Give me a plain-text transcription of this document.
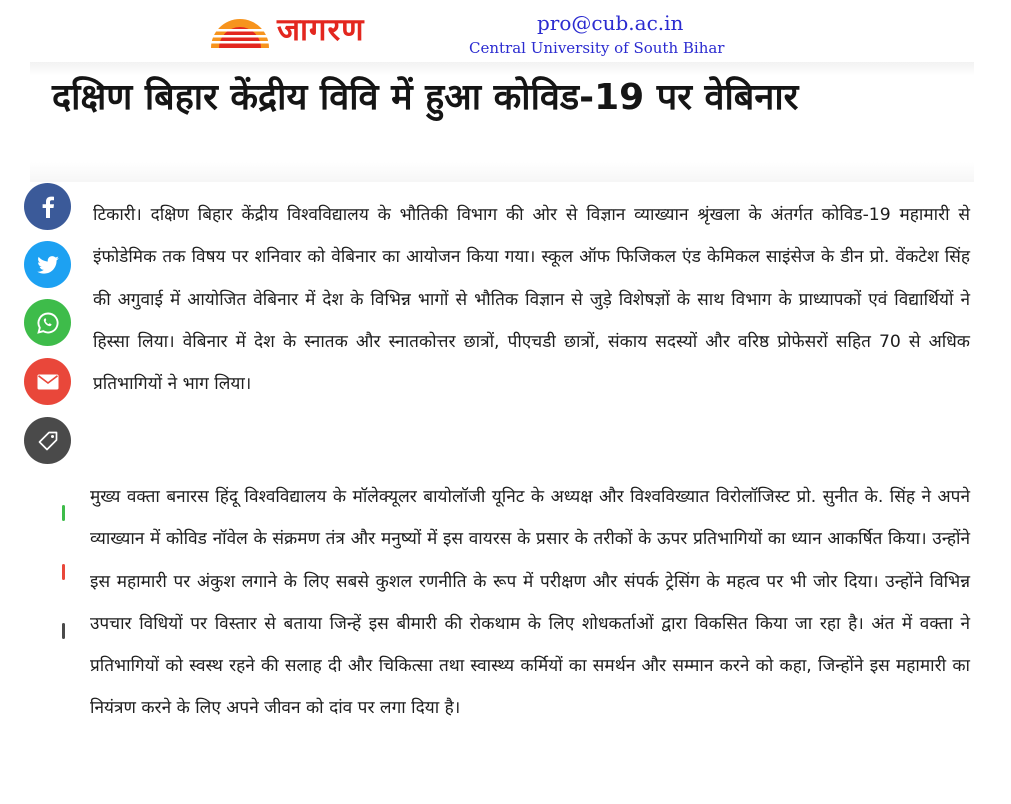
जागरण	pro@cub.ac.in
Central University of South Bihar
दक्षिण बिहार केंद्रीय विवि में हुआ कोविड-19 पर वेबिनार

टिकारी। दक्षिण बिहार केंद्रीय विश्वविद्यालय के भौतिकी विभाग की ओर से विज्ञान व्याख्यान श्रृंखला के अंतर्गत कोविड-19 महामारी से इंफोडेमिक तक विषय पर शनिवार को वेबिनार का आयोजन किया गया। स्कूल ऑफ फिजिकल एंड केमिकल साइंसेज के डीन प्रो. वेंकटेश सिंह की अगुवाई में आयोजित वेबिनार में देश के विभिन्न भागों से भौतिक विज्ञान से जुड़े विशेषज्ञों के साथ विभाग के प्राध्यापकों एवं विद्यार्थियों ने हिस्सा लिया। वेबिनार में देश के स्नातक और स्नातकोत्तर छात्रों, पीएचडी छात्रों, संकाय सदस्यों और वरिष्ठ प्रोफेसरों सहित 70 से अधिक प्रतिभागियों ने भाग लिया।

मुख्य वक्ता बनारस हिंदू विश्वविद्यालय के मॉलेक्यूलर बायोलॉजी यूनिट के अध्यक्ष और विश्वविख्यात विरोलॉजिस्ट प्रो. सुनीत के. सिंह ने अपने व्याख्यान में कोविड नॉवेल के संक्रमण तंत्र और मनुष्यों में इस वायरस के प्रसार के तरीकों के ऊपर प्रतिभागियों का ध्यान आकर्षित किया। उन्होंने इस महामारी पर अंकुश लगाने के लिए सबसे कुशल रणनीति के रूप में परीक्षण और संपर्क ट्रेसिंग के महत्व पर भी जोर दिया। उन्होंने विभिन्न उपचार विधियों पर विस्तार से बताया जिन्हें इस बीमारी की रोकथाम के लिए शोधकर्ताओं द्वारा विकसित किया जा रहा है। अंत में वक्ता ने प्रतिभागियों को स्वस्थ रहने की सलाह दी और चिकित्सा तथा स्वास्थ्य कर्मियों का समर्थन और सम्मान करने को कहा, जिन्होंने इस महामारी का नियंत्रण करने के लिए अपने जीवन को दांव पर लगा दिया है।
